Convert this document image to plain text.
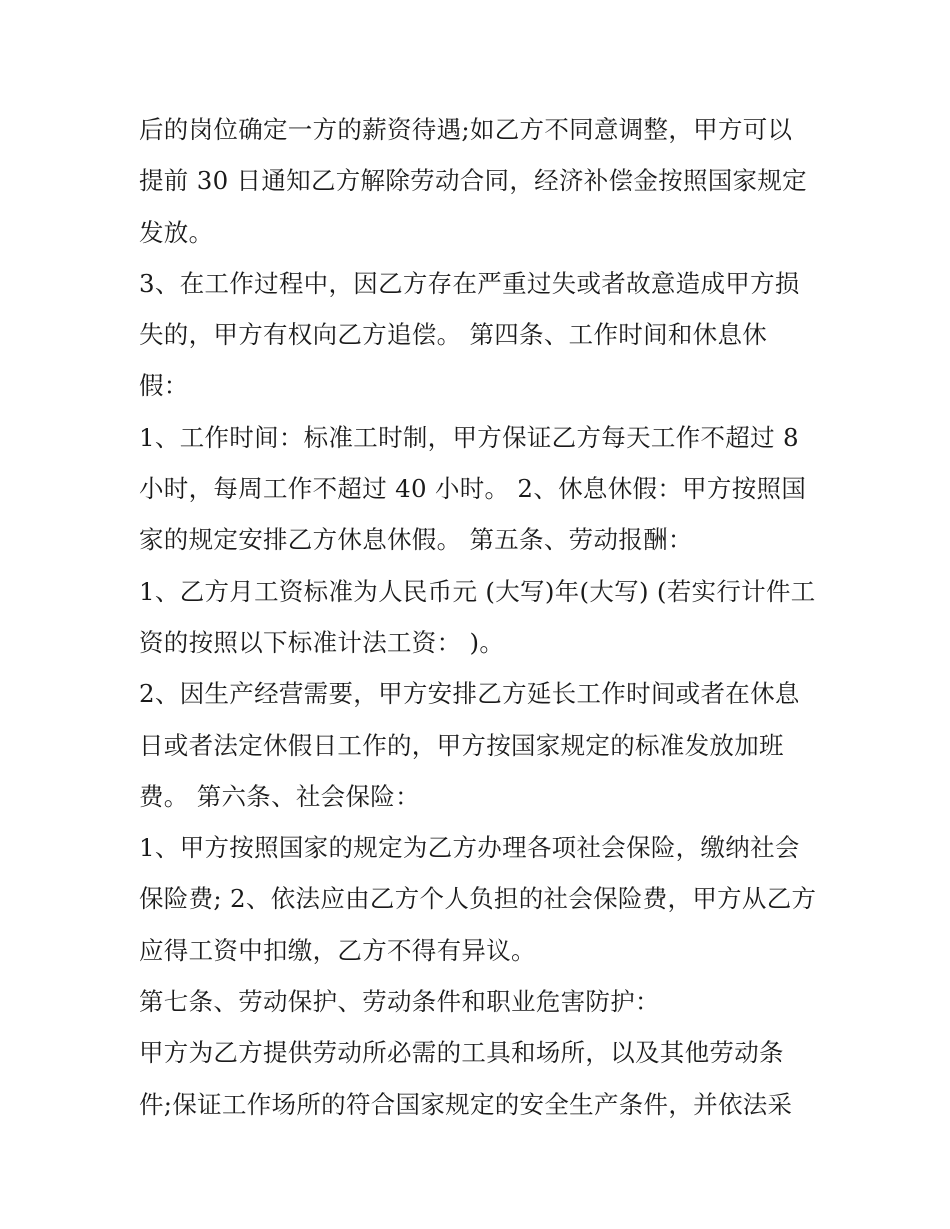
后的岗位确定一方的薪资待遇;如乙方不同意调整，甲方可以
提前 30 日通知乙方解除劳动合同，经济补偿金按照国家规定
发放。
3、在工作过程中，因乙方存在严重过失或者故意造成甲方损
失的，甲方有权向乙方追偿。 第四条、工作时间和休息休
假：
1、工作时间：标准工时制，甲方保证乙方每天工作不超过 8
小时，每周工作不超过 40 小时。 2、休息休假：甲方按照国
家的规定安排乙方休息休假。 第五条、劳动报酬：
1、乙方月工资标准为人民币元 (大写)年(大写) (若实行计件工
资的按照以下标准计法工资： )。
2、因生产经营需要，甲方安排乙方延长工作时间或者在休息
日或者法定休假日工作的，甲方按国家规定的标准发放加班
费。 第六条、社会保险：
1、甲方按照国家的规定为乙方办理各项社会保险，缴纳社会
保险费; 2、依法应由乙方个人负担的社会保险费，甲方从乙方
应得工资中扣缴，乙方不得有异议。
第七条、劳动保护、劳动条件和职业危害防护：
甲方为乙方提供劳动所必需的工具和场所，以及其他劳动条
件;保证工作场所的符合国家规定的安全生产条件，并依法采
